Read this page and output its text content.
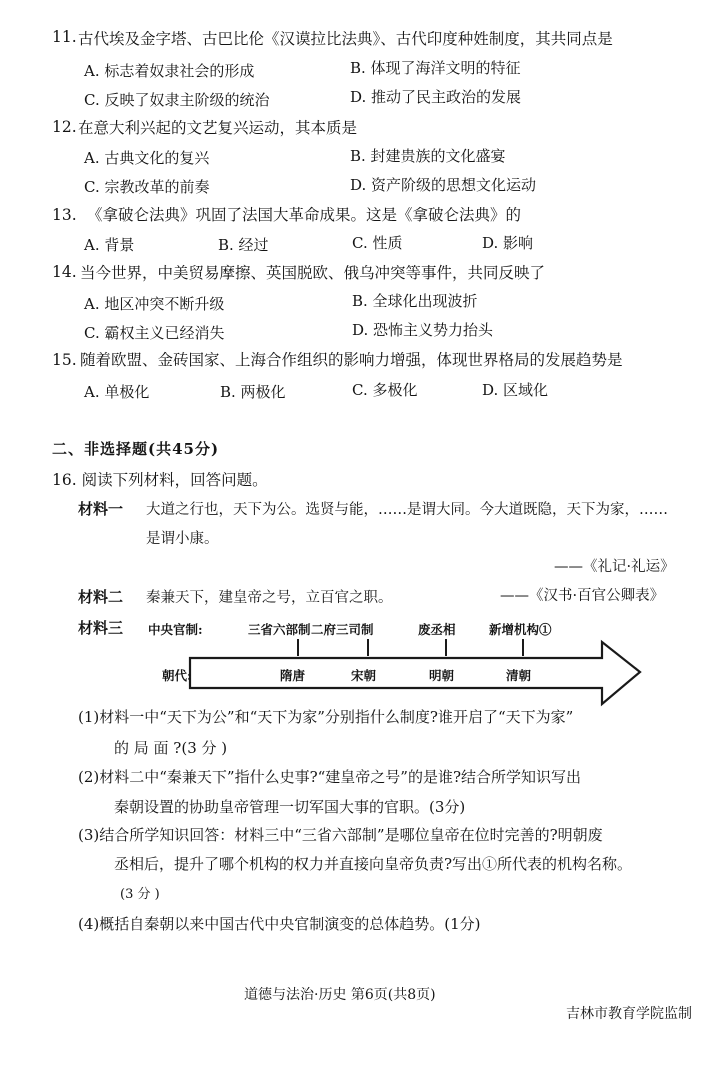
11. 古代埃及金字塔、古巴比伦《汉谟拉比法典》、古代印度种姓制度，其共同点是
A. 标志着奴隶社会的形成	B. 体现了海洋文明的特征
C. 反映了奴隶主阶级的统治	D. 推动了民主政治的发展
12. 在意大利兴起的文艺复兴运动，其本质是
A. 古典文化的复兴	B. 封建贵族的文化盛宴
C. 宗教改革的前奏	D. 资产阶级的思想文化运动
13. 《拿破仑法典》巩固了法国大革命成果。这是《拿破仑法典》的
A. 背景	B. 经过	C. 性质	D. 影响
14. 当今世界，中美贸易摩擦、英国脱欧、俄乌冲突等事件，共同反映了
A. 地区冲突不断升级	B. 全球化出现波折
C. 霸权主义已经消失	D. 恐怖主义势力抬头
15. 随着欧盟、金砖国家、上海合作组织的影响力增强，体现世界格局的发展趋势是
A. 单极化	B. 两极化	C. 多极化	D. 区域化
二、非选择题(共45分)
16. 阅读下列材料，回答问题。
材料一 大道之行也，天下为公。选贤与能，……是谓大同。今大道既隐，天下为家，……
是谓小康。
——《礼记·礼运》
材料二 秦兼天下，建皇帝之号，立百官之职。	——《汉书·百官公卿表》
材料三 中央官制:	三省六部制 二府三司制	废丞相	新增机构①
朝代:	隋唐	宋朝	明朝	清朝
(1)材料一中“天下为公”和“天下为家”分别指什么制度?谁开启了“天下为家”
的 局 面 ?(3 分 )
(2)材料二中“秦兼天下”指什么史事?“建皇帝之号”的是谁?结合所学知识写出
秦朝设置的协助皇帝管理一切军国大事的官职。(3分)
(3)结合所学知识回答：材料三中“三省六部制”是哪位皇帝在位时完善的?明朝废
丞相后，提升了哪个机构的权力并直接向皇帝负责?写出①所代表的机构名称。
(3 分 )
(4)概括自秦朝以来中国古代中央官制演变的总体趋势。(1分)
道德与法治·历史 第6页(共8页)
吉林市教育学院监制
